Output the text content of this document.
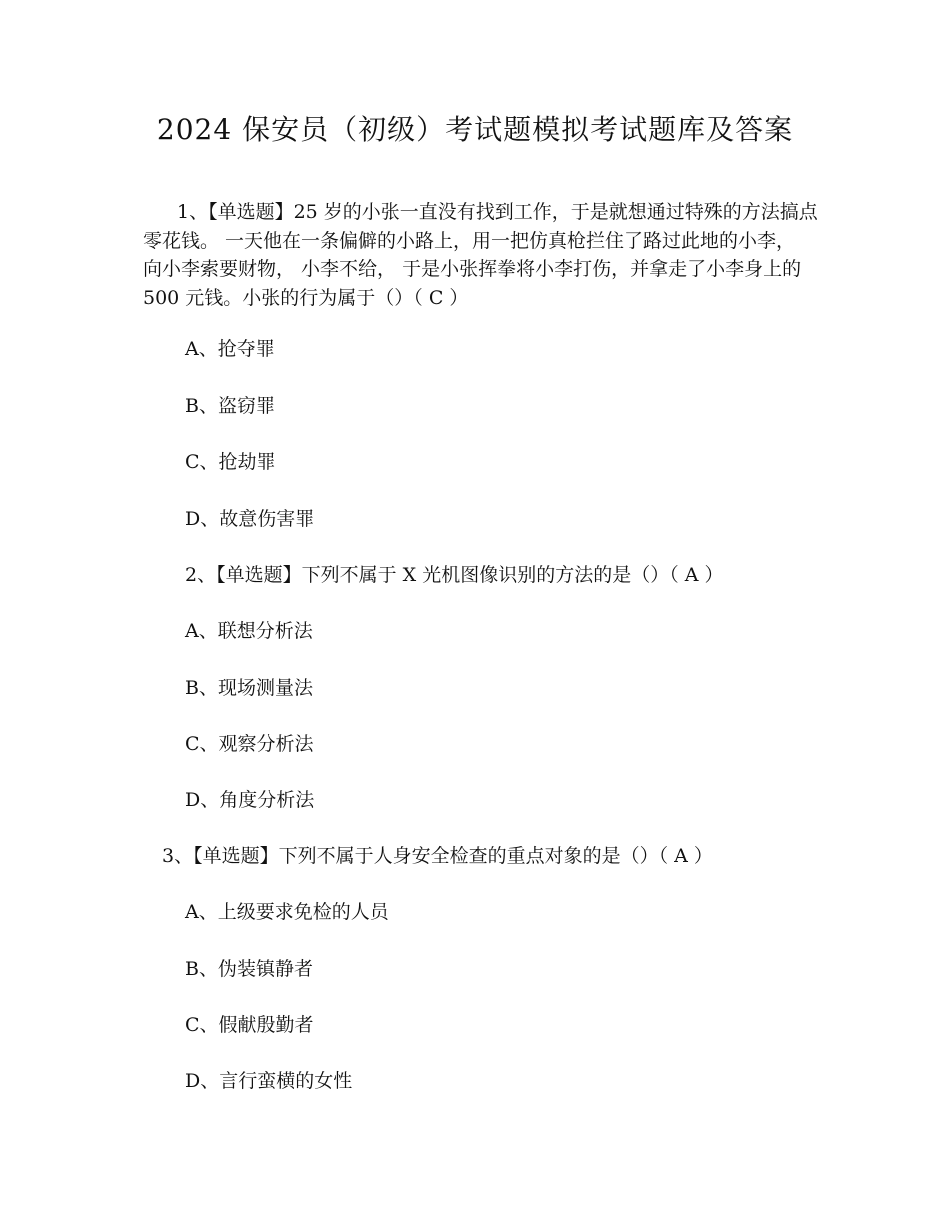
2024 保安员（初级）考试题模拟考试题库及答案
1、【单选题】25 岁的小张一直没有找到工作，于是就想通过特殊的方法搞点零花钱。 一天他在一条偏僻的小路上，用一把仿真枪拦住了路过此地的小李， 向小李索要财物， 小李不给， 于是小张挥拳将小李打伤，并拿走了小李身上的 500 元钱。小张的行为属于（）（ C ）
A、抢夺罪
B、盗窃罪
C、抢劫罪
D、故意伤害罪
2、【单选题】下列不属于 X 光机图像识别的方法的是（）（ A ）
A、联想分析法
B、现场测量法
C、观察分析法
D、角度分析法
3、【单选题】下列不属于人身安全检查的重点对象的是（）（ A ）
A、上级要求免检的人员
B、伪装镇静者
C、假献殷勤者
D、言行蛮横的女性
